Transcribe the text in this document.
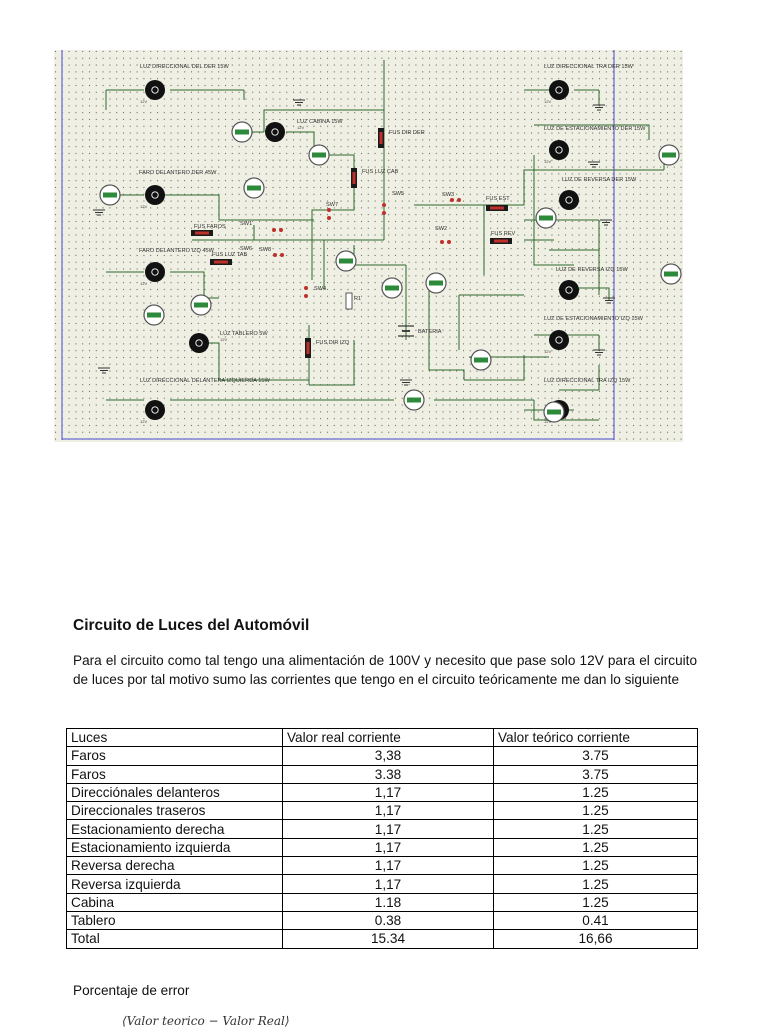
LUZ DIRECCIONAL DEL DER 15W	LUZ DIRECCIONAL TRA DER 15W
LUZ CABINA 15W
FUS DIR DER
LUZ DE ESTACIONAMIENTO DER 15W
FARO DELANTERO DER 45W	FUS LUZ CAB
LUZ DE REVERSA DER 15W
FUS EST
FUS FAROS
FUS REV
FARO DELANTERO IZQ 45W
FUS LUZ TAB
LUZ DE REVERSA IZQ 15W
LUZ TABLERO 5W	BATERIA
LUZ DE ESTACIONAMIENTO IZQ 15W
FUS DIR IZQ
LUZ DIRECCIONAL DELANTERA IZQUIERDA 15W	LUZ DIRECCIONAL TRA IZQ 15W
SW1
SW2
SW3
SW4
SW5
SW6
SW7
SW8
R1
12V	12V
12V
12V
12V
12V
12V
12V
12V	12V
Circuito de Luces del Automóvil

Para el circuito como tal tengo una alimentación de 100V y necesito que pase solo 12V para el circuito de luces por tal motivo sumo las corrientes que tengo en el circuito teóricamente me dan lo siguiente

Luces	Valor real corriente	Valor teórico corriente
Faros	3,38	3.75
Faros	3.38	3.75
Direcciónales delanteros	1,17	1.25
Direccionales traseros	1,17	1.25
Estacionamiento derecha	1,17	1.25
Estacionamiento izquierda	1,17	1.25
Reversa derecha	1,17	1.25
Reversa izquierda	1,17	1.25
Cabina	1.18	1.25
Tablero	0.38	0.41
Total	15.34	16,66

Porcentaje de error

⟨Valor teorico − Valor Real⟩
